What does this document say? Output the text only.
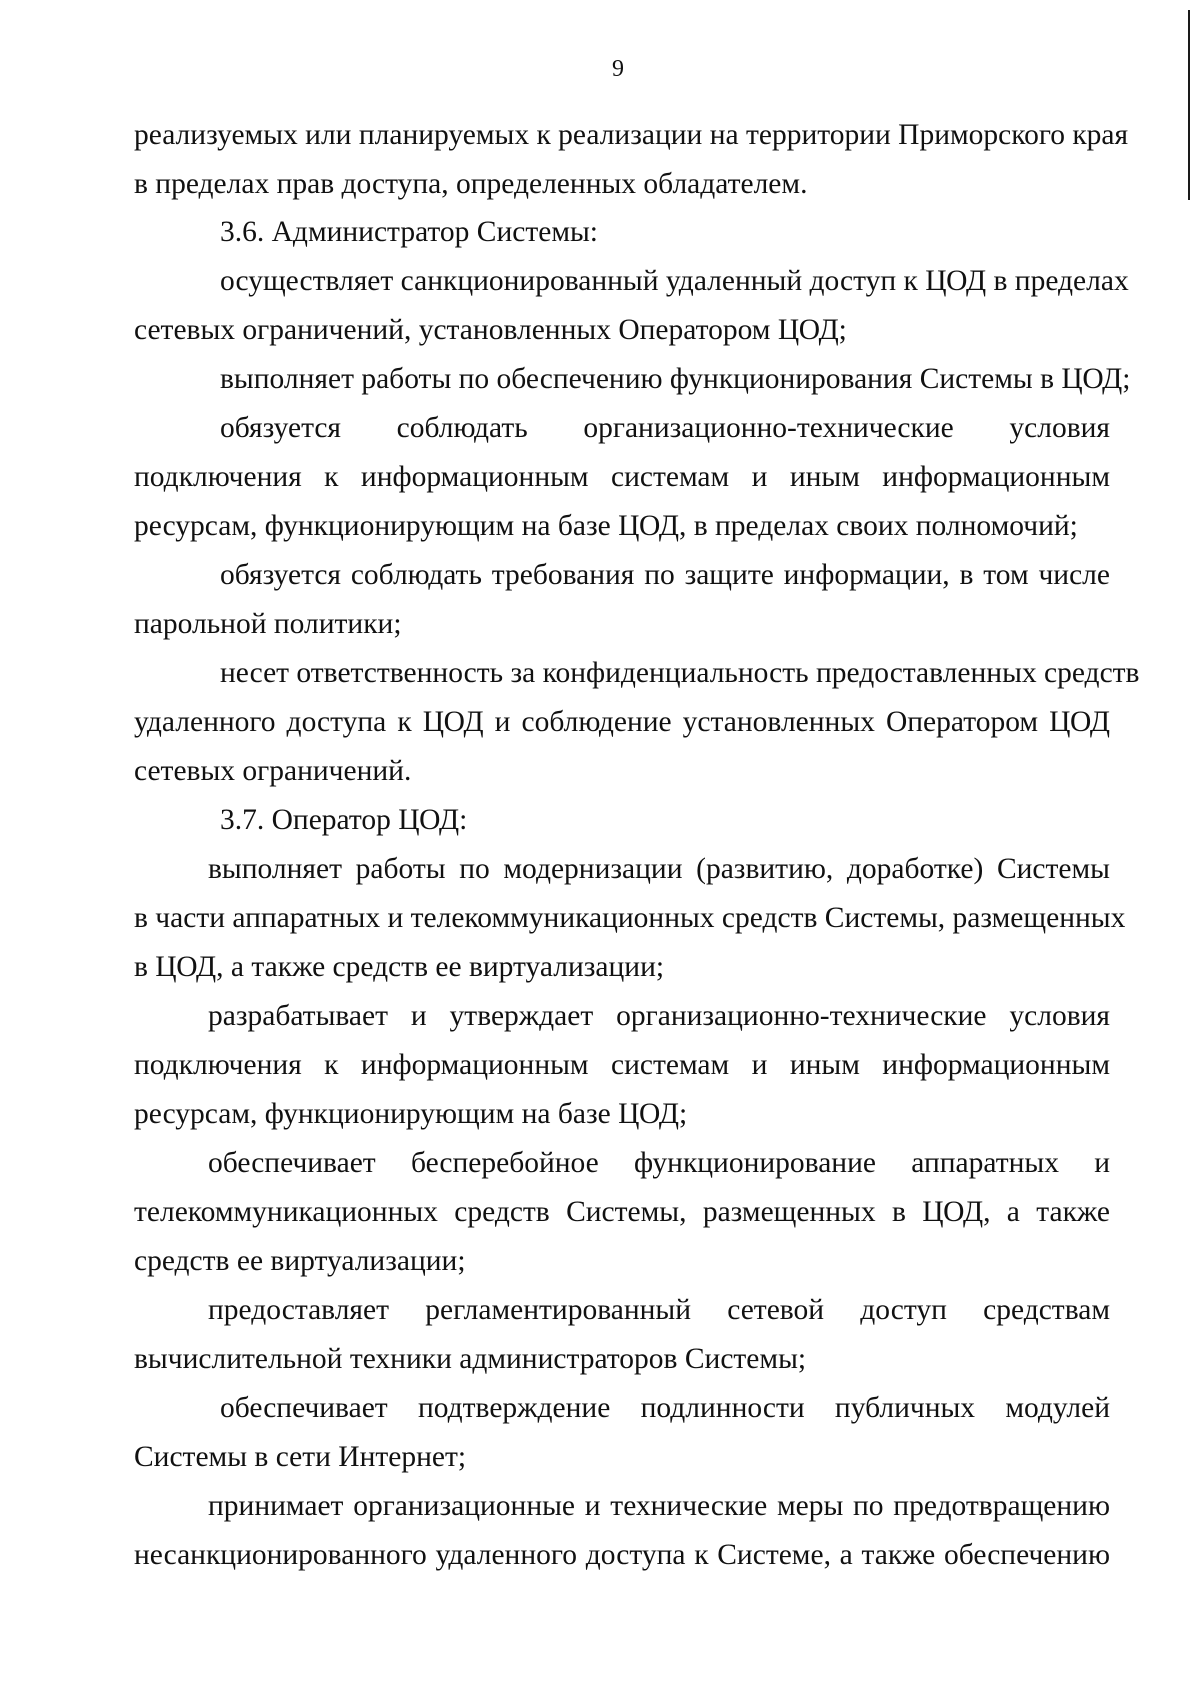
9
реализуемых или планируемых к реализации на территории Приморского края
в пределах прав доступа, определенных обладателем.
3.6. Администратор Системы:
осуществляет санкционированный удаленный доступ к ЦОД в пределах
сетевых ограничений, установленных Оператором ЦОД;
выполняет работы по обеспечению функционирования Системы в ЦОД;
обязуется соблюдать организационно-технические условия
подключения к информационным системам и иным информационным
ресурсам, функционирующим на базе ЦОД, в пределах своих полномочий;
обязуется соблюдать требования по защите информации, в том числе
парольной политики;
несет ответственность за конфиденциальность предоставленных средств
удаленного доступа к ЦОД и соблюдение установленных Оператором ЦОД
сетевых ограничений.
3.7. Оператор ЦОД:
выполняет работы по модернизации (развитию, доработке) Системы
в части аппаратных и телекоммуникационных средств Системы, размещенных
в ЦОД, а также средств ее виртуализации;
разрабатывает и утверждает организационно-технические условия
подключения к информационным системам и иным информационным
ресурсам, функционирующим на базе ЦОД;
обеспечивает бесперебойное функционирование аппаратных и
телекоммуникационных средств Системы, размещенных в ЦОД, а также
средств ее виртуализации;
предоставляет регламентированный сетевой доступ средствам
вычислительной техники администраторов Системы;
обеспечивает подтверждение подлинности публичных модулей
Системы в сети Интернет;
принимает организационные и технические меры по предотвращению
несанкционированного удаленного доступа к Системе, а также обеспечению
